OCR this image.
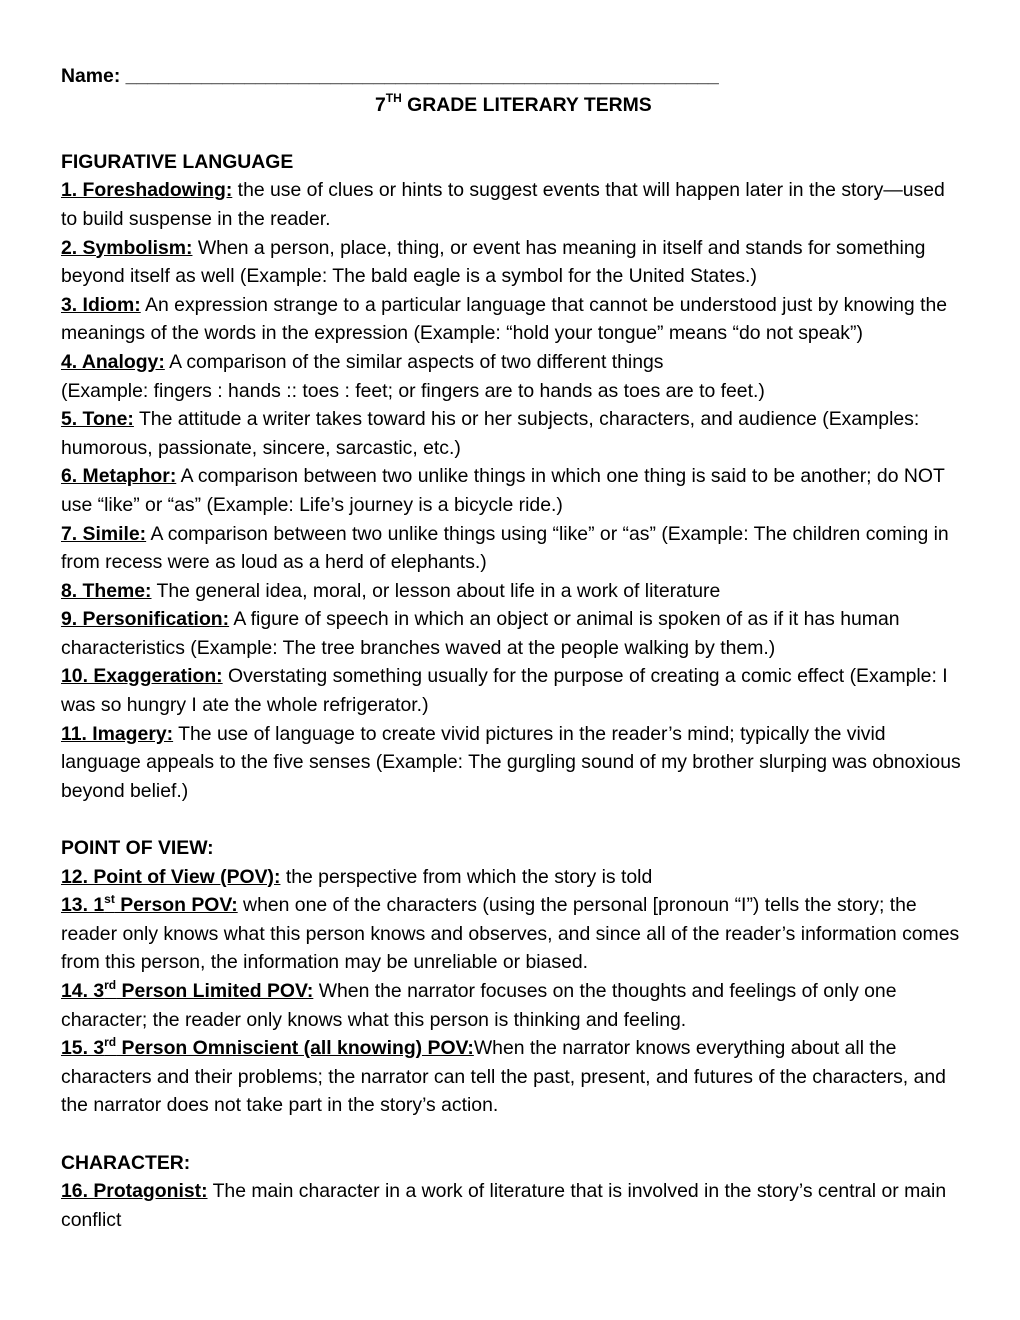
Name: _______________________________________________________
7TH GRADE LITERARY TERMS
FIGURATIVE LANGUAGE

1. Foreshadowing: the use of clues or hints to suggest events that will happen later in the story—used to build suspense in the reader.

2. Symbolism: When a person, place, thing, or event has meaning in itself and stands for something beyond itself as well (Example: The bald eagle is a symbol for the United States.)

3. Idiom: An expression strange to a particular language that cannot be understood just by knowing the meanings of the words in the expression (Example: “hold your tongue” means “do not speak”)

4. Analogy: A comparison of the similar aspects of two different things
(Example: fingers : hands :: toes : feet; or fingers are to hands as toes are to feet.)

5. Tone: The attitude a writer takes toward his or her subjects, characters, and audience (Examples: humorous, passionate, sincere, sarcastic, etc.)

6. Metaphor: A comparison between two unlike things in which one thing is said to be another; do NOT use “like” or “as” (Example: Life’s journey is a bicycle ride.)

7. Simile: A comparison between two unlike things using “like” or “as” (Example: The children coming in from recess were as loud as a herd of elephants.)

8. Theme: The general idea, moral, or lesson about life in a work of literature

9. Personification: A figure of speech in which an object or animal is spoken of as if it has human characteristics (Example: The tree branches waved at the people walking by them.)

10. Exaggeration: Overstating something usually for the purpose of creating a comic effect (Example: I was so hungry I ate the whole refrigerator.)

11. Imagery: The use of language to create vivid pictures in the reader’s mind; typically the vivid language appeals to the five senses (Example: The gurgling sound of my brother slurping was obnoxious beyond belief.)

POINT OF VIEW:

12. Point of View (POV): the perspective from which the story is told

13. 1st Person POV: when one of the characters (using the personal [pronoun “I”) tells the story; the reader only knows what this person knows and observes, and since all of the reader’s information comes from this person, the information may be unreliable or biased.

14. 3rd Person Limited POV: When the narrator focuses on the thoughts and feelings of only one character; the reader only knows what this person is thinking and feeling.

15. 3rd Person Omniscient (all knowing) POV:When the narrator knows everything about all the characters and their problems; the narrator can tell the past, present, and futures of the characters, and the narrator does not take part in the story’s action.

CHARACTER:

16. Protagonist: The main character in a work of literature that is involved in the story’s central or main conflict
